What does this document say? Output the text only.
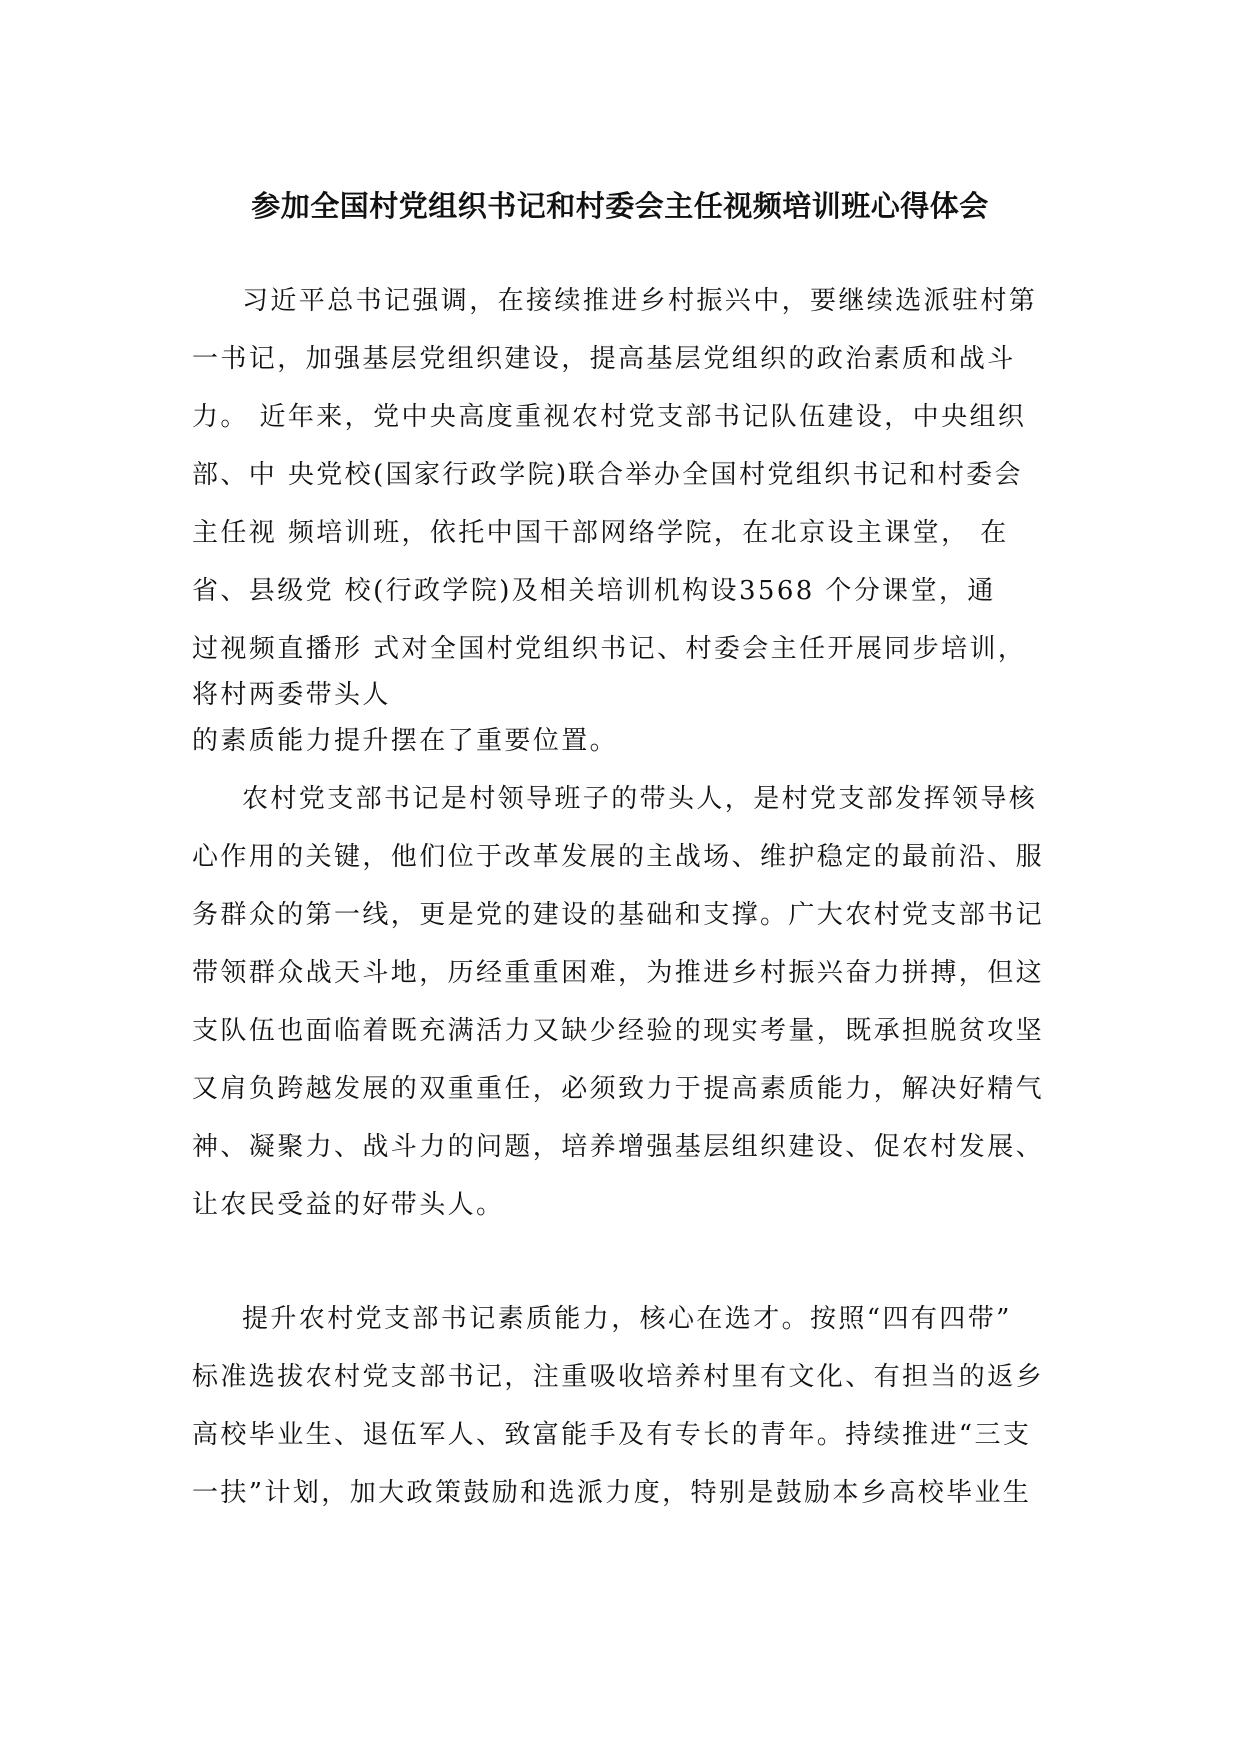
参加全国村党组织书记和村委会主任视频培训班心得体会
习近平总书记强调，在接续推进乡村振兴中，要继续选派驻村第
一书记，加强基层党组织建设，提高基层党组织的政治素质和战斗
力。 近年来，党中央高度重视农村党支部书记队伍建设，中央组织
部、中 央党校(国家行政学院)联合举办全国村党组织书记和村委会
主任视 频培训班，依托中国干部网络学院，在北京设主课堂， 在
省、县级党 校(行政学院)及相关培训机构设3568 个分课堂，通
过视频直播形 式对全国村党组织书记、村委会主任开展同步培训，
将村两委带头人
的素质能力提升摆在了重要位置。
农村党支部书记是村领导班子的带头人，是村党支部发挥领导核
心作用的关键，他们位于改革发展的主战场、维护稳定的最前沿、服
务群众的第一线，更是党的建设的基础和支撑。广大农村党支部书记
带领群众战天斗地，历经重重困难，为推进乡村振兴奋力拼搏，但这
支队伍也面临着既充满活力又缺少经验的现实考量，既承担脱贫攻坚
又肩负跨越发展的双重重任，必须致力于提高素质能力，解决好精气
神、凝聚力、战斗力的问题，培养增强基层组织建设、促农村发展、
让农民受益的好带头人。
提升农村党支部书记素质能力，核心在选才。按照“四有四带”
标准选拔农村党支部书记，注重吸收培养村里有文化、有担当的返乡
高校毕业生、退伍军人、致富能手及有专长的青年。持续推进“三支
一扶”计划，加大政策鼓励和选派力度，特别是鼓励本乡高校毕业生
